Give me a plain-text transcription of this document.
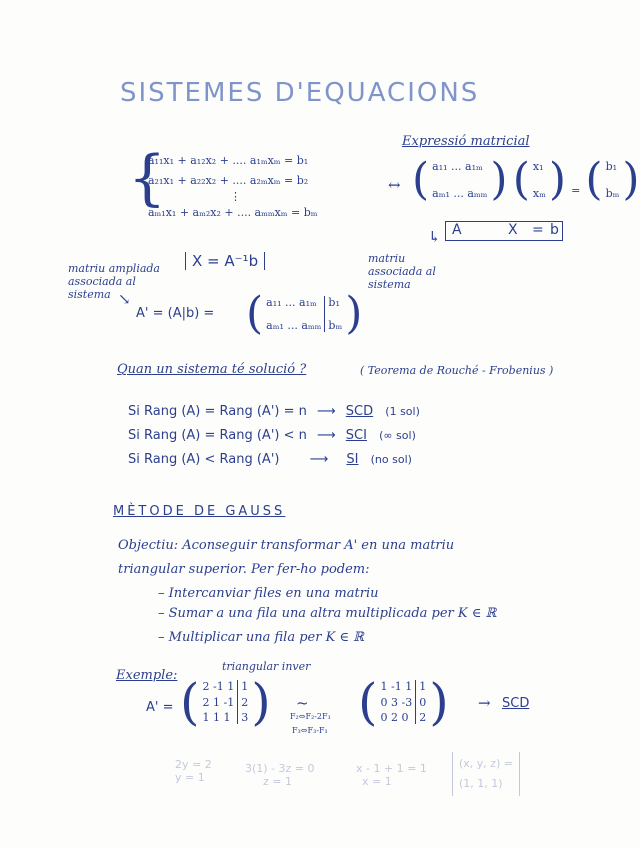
SISTEMES D'EQUACIONS
Expressió matricial
{
a₁₁x₁ + a₁₂x₂ + .... a₁ₘxₘ = b₁
a₂₁x₁ + a₂₂x₂ + .... a₂ₘxₘ = b₂
⋮
aₘ₁x₁ + aₘ₂x₂ + .... aₘₘxₘ = bₘ
↔ ( a₁₁ ... a₁ₘ
aₘ₁ ... aₘₘ )
( x₁
xₘ ) = ( b₁
bₘ )
A	X = b
↳
X = A⁻¹b
matriu ampliada associada al sistema
matriu associada al sistema
↘
A' = (A|b) = ( a₁₁ ... a₁ₘ
aₘ₁ ... aₘₘ
b₁
bₘ )
Quan un sistema té solució ?	( Teorema de Rouché - Frobenius )
Si Rang (A) = Rang (A') = n ⟶ SCD (1 sol)
Si Rang (A) = Rang (A') < n ⟶ SCI (∞ sol)
Si Rang (A) < Rang (A') ⟶ SI (no sol)
MÈTODE DE GAUSS
Objectiu: Aconseguir transformar A' en una matriu
triangular superior. Per fer-ho podem:
– Intercanviar files en una matriu
– Sumar a una fila una altra multiplicada per K ∈ ℝ
– Multiplicar una fila per K ∈ ℝ
Exemple:
triangular inver
A' = ( 2 -1 1
2 1 -1
1 1 1
1
2
3 ) ~
F₂⇔F₂-2F₁
F₃⇔F₃-F₁ ( 1 -1 1
0 3 -3
0 2 0
1
0
2 ) → SCD
2y = 2
y = 1
3(1) - 3z = 0
z = 1
x - 1 + 1 = 1
x = 1
(x, y, z) =
(1, 1, 1)
